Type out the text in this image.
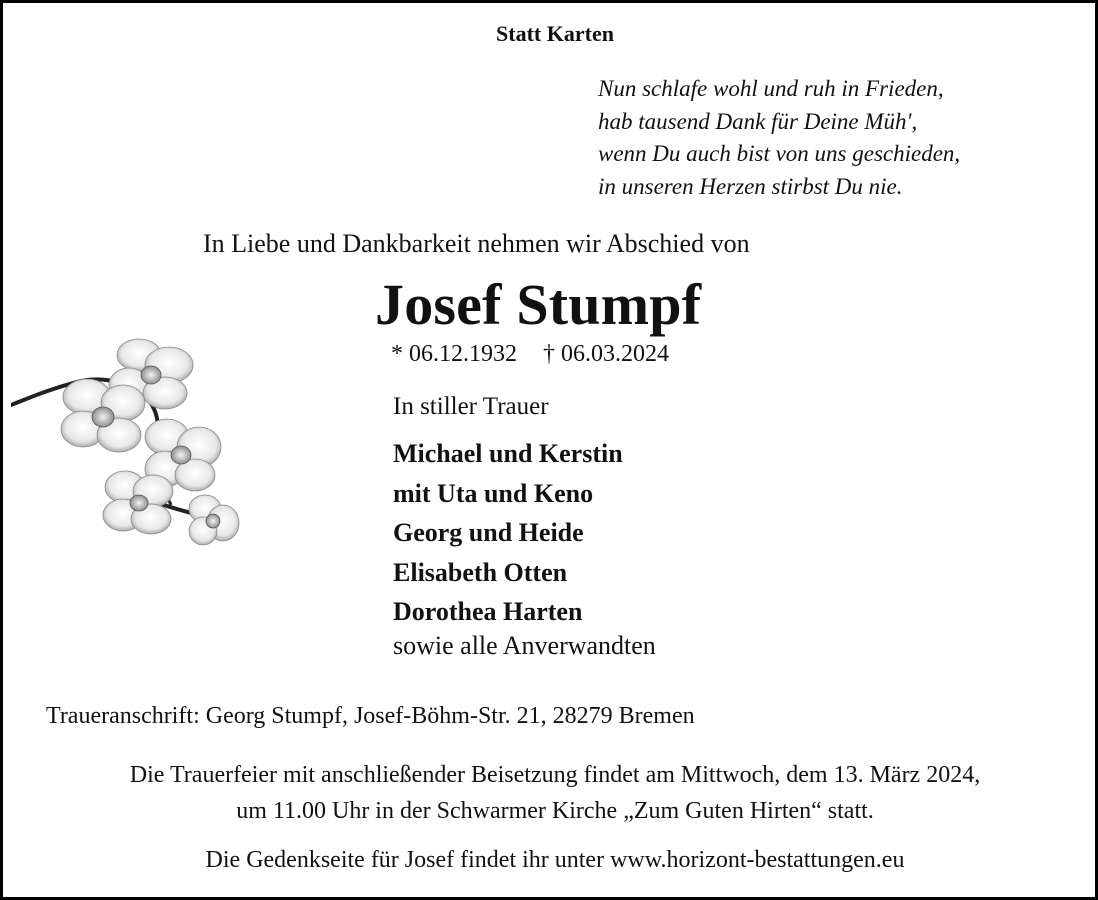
Statt Karten
Nun schlafe wohl und ruh in Frieden,
hab tausend Dank für Deine Müh',
wenn Du auch bist von uns geschieden,
in unseren Herzen stirbst Du nie.
In Liebe und Dankbarkeit nehmen wir Abschied von
Josef Stumpf
* 06.12.1932 † 06.03.2024
In stiller Trauer
Michael und Kerstin
mit Uta und Keno
Georg und Heide
Elisabeth Otten
Dorothea Harten
sowie alle Anverwandten
Traueranschrift: Georg Stumpf, Josef-Böhm-Str. 21, 28279 Bremen
Die Trauerfeier mit anschließender Beisetzung findet am Mittwoch, dem 13. März 2024,
um 11.00 Uhr in der Schwarmer Kirche „Zum Guten Hirten“ statt.
Die Gedenkseite für Josef findet ihr unter www.horizont-bestattungen.eu
